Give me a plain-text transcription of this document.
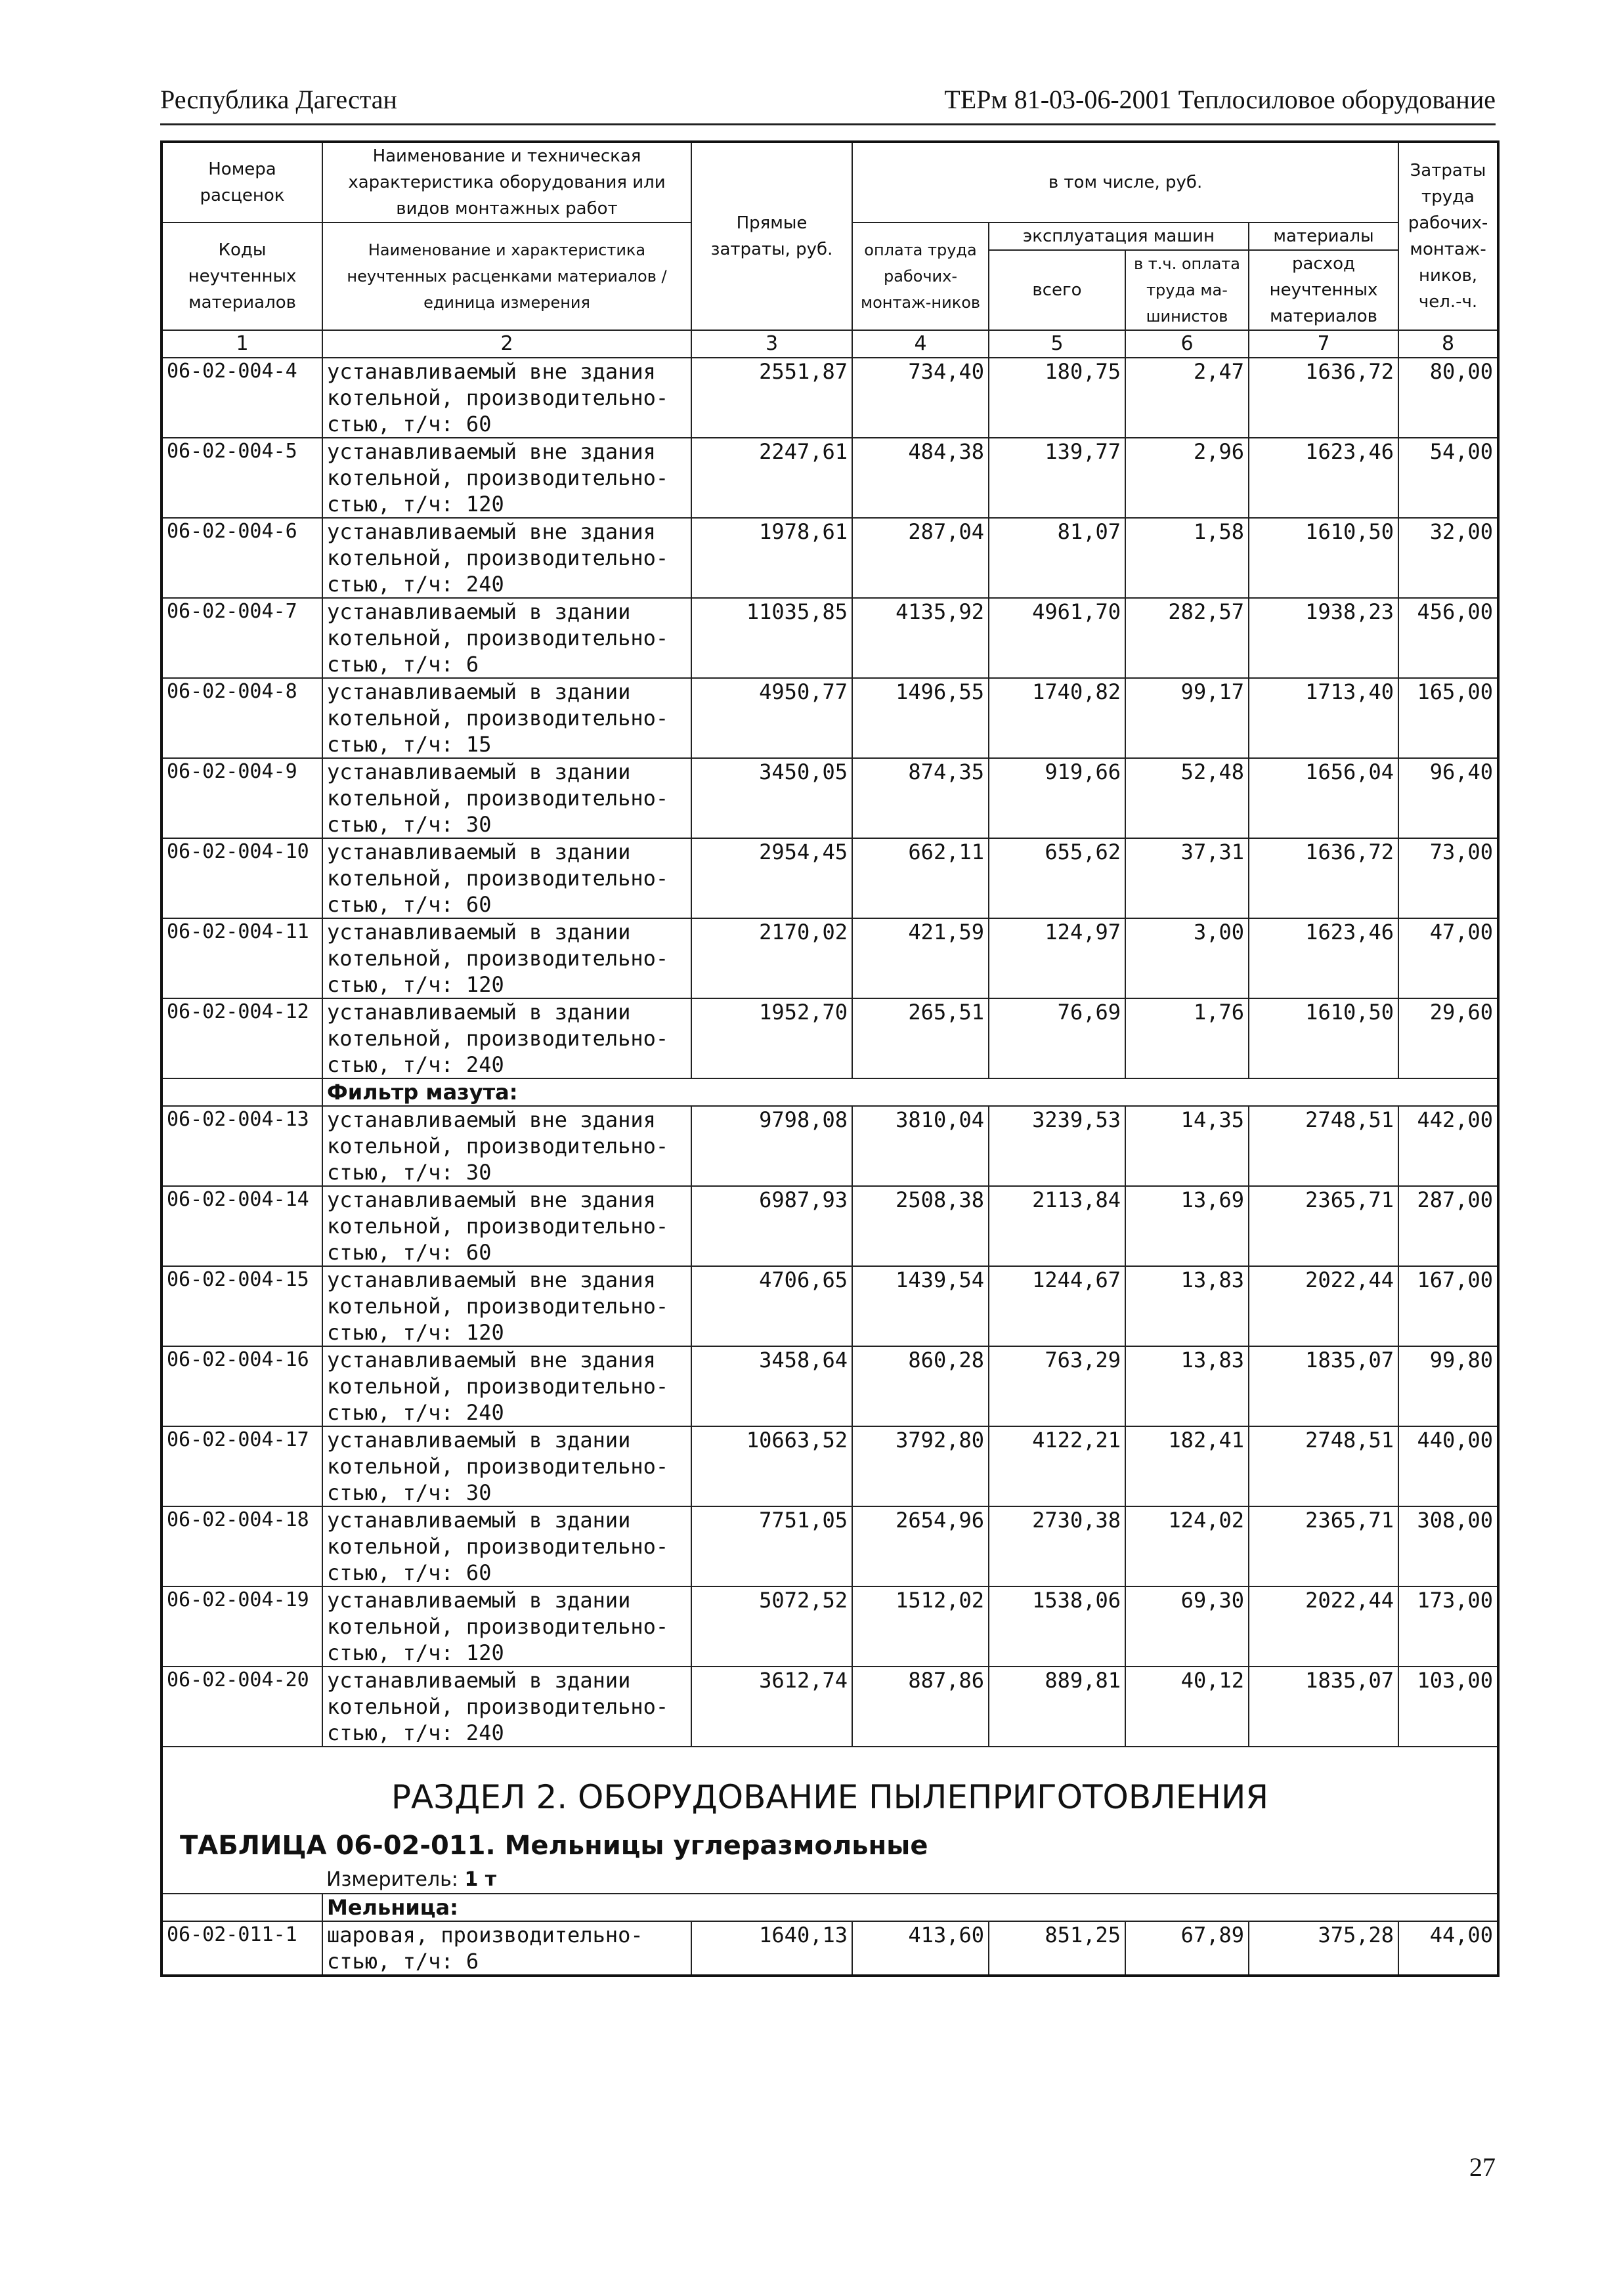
Республика Дагестан	ТЕРм 81-03-06-2001 Теплосиловое оборудование
Номера расценок	Наименование и техническая характеристика оборудования или видов монтажных работ	Прямые затраты, руб.	в том числе, руб.				Затраты труда рабочих-монтаж-ников, чел.-ч.
Коды неучтенных материалов	Наименование и характеристика неучтенных расценками материалов / единица измерения		оплата труда рабочих-монтаж-ников	эксплуатация машин		материалы	
				всего	в т.ч. оплата труда ма-шинистов	расход неучтенных материалов	
1	2	3	4	5	6	7	8
06-02-004-4	устанавливаемый вне здания
котельной, производительно-
стью, т/ч: 60	2551,87	734,40	180,75	2,47	1636,72	80,00
06-02-004-5	устанавливаемый вне здания
котельной, производительно-
стью, т/ч: 120	2247,61	484,38	139,77	2,96	1623,46	54,00
06-02-004-6	устанавливаемый вне здания
котельной, производительно-
стью, т/ч: 240	1978,61	287,04	81,07	1,58	1610,50	32,00
06-02-004-7	устанавливаемый в здании
котельной, производительно-
стью, т/ч: 6	11035,85	4135,92	4961,70	282,57	1938,23	456,00
06-02-004-8	устанавливаемый в здании
котельной, производительно-
стью, т/ч: 15	4950,77	1496,55	1740,82	99,17	1713,40	165,00
06-02-004-9	устанавливаемый в здании
котельной, производительно-
стью, т/ч: 30	3450,05	874,35	919,66	52,48	1656,04	96,40
06-02-004-10	устанавливаемый в здании
котельной, производительно-
стью, т/ч: 60	2954,45	662,11	655,62	37,31	1636,72	73,00
06-02-004-11	устанавливаемый в здании
котельной, производительно-
стью, т/ч: 120	2170,02	421,59	124,97	3,00	1623,46	47,00
06-02-004-12	устанавливаемый в здании
котельной, производительно-
стью, т/ч: 240	1952,70	265,51	76,69	1,76	1610,50	29,60
	Фильтр мазута:						
06-02-004-13	устанавливаемый вне здания
котельной, производительно-
стью, т/ч: 30	9798,08	3810,04	3239,53	14,35	2748,51	442,00
06-02-004-14	устанавливаемый вне здания
котельной, производительно-
стью, т/ч: 60	6987,93	2508,38	2113,84	13,69	2365,71	287,00
06-02-004-15	устанавливаемый вне здания
котельной, производительно-
стью, т/ч: 120	4706,65	1439,54	1244,67	13,83	2022,44	167,00
06-02-004-16	устанавливаемый вне здания
котельной, производительно-
стью, т/ч: 240	3458,64	860,28	763,29	13,83	1835,07	99,80
06-02-004-17	устанавливаемый в здании
котельной, производительно-
стью, т/ч: 30	10663,52	3792,80	4122,21	182,41	2748,51	440,00
06-02-004-18	устанавливаемый в здании
котельной, производительно-
стью, т/ч: 60	7751,05	2654,96	2730,38	124,02	2365,71	308,00
06-02-004-19	устанавливаемый в здании
котельной, производительно-
стью, т/ч: 120	5072,52	1512,02	1538,06	69,30	2022,44	173,00
06-02-004-20	устанавливаемый в здании
котельной, производительно-
стью, т/ч: 240	3612,74	887,86	889,81	40,12	1835,07	103,00

РАЗДЕЛ 2. ОБОРУДОВАНИЕ ПЫЛЕПРИГОТОВЛЕНИЯ
ТАБЛИЦА 06-02-011. Мельницы углеразмольные							

	Измеритель: 1 т						
	Мельница:						
06-02-011-1	шаровая, производительно-
стью, т/ч: 6	1640,13	413,60	851,25	67,89	375,28	44,00
27
